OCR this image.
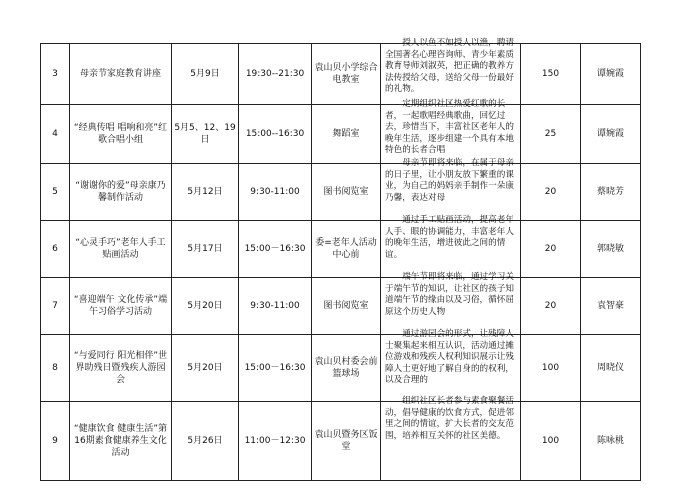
3	母亲节家庭教育讲座	5月9日	19:30--21:30	袁山贝小学综合电教室	授人以鱼不如授人以渔，聘请全国著名心理咨询师、青少年素质教育导师刘淑英，把正确的教养方法传授给父母，送给父母一份最好的礼物。	150	谭婉霞
4	“经典传唱 唱响和亮”红歌合唱小组	5月5、12、19日	15:00--16:30	舞蹈室	定期组织社区热爱红歌的长者，一起歌唱经典歌曲，回忆过去，珍惜当下，丰富社区老年人的晚年生活，逐步组建一个具有本地特色的长者合唱	25	谭婉霞
5	“谢谢你的爱”母亲康乃馨制作活动	5月12日	9:30-11:00	图书阅览室	母亲节即将来临，在属于母亲的日子里，让小朋友放下繁重的课业，为自己的妈妈亲手制作一朵康乃馨，表达对母	20	蔡晓芳
6	“心灵手巧”老年人手工贴画活动	5月17日	15:00－16:30	委=老年人活动中心前	通过手工贴画活动，提高老年人手、眼的协调能力，丰富老年人的晚年生活，增进彼此之间的情谊。	20	郭晓敏
7	“喜迎端午 文化传承”端午习俗学习活动	5月20日	9:30-11:00	图书阅览室	端午节即将来临，通过学习关于端午节的知识，让社区的孩子知道端午节的缘由以及习俗，循怀屈原这个历史人物	20	袁智豪
8	“与爱同行 阳光相伴”世界助残日暨残疾人游园会	5月20日	15:00－16:30	袁山贝村委会前篮球场	通过游园会的形式，让残障人士聚集起来相互认识，活动通过摊位游戏和残疾人权利知识展示让残障人士更好地了解自身的的权利，以及合理的	100	周晓仪
9	“健康饮食 健康生活”第16期素食健康养生文化活动	5月26日	11:00－12:30	袁山贝暨务区饭堂	组织社区长者参与素食聚餐活动，倡导健康的饮食方式，促进邻里之间的情谊，扩大长者的交友范围，培养相互关怀的社区美德。	100	陈咏桃
